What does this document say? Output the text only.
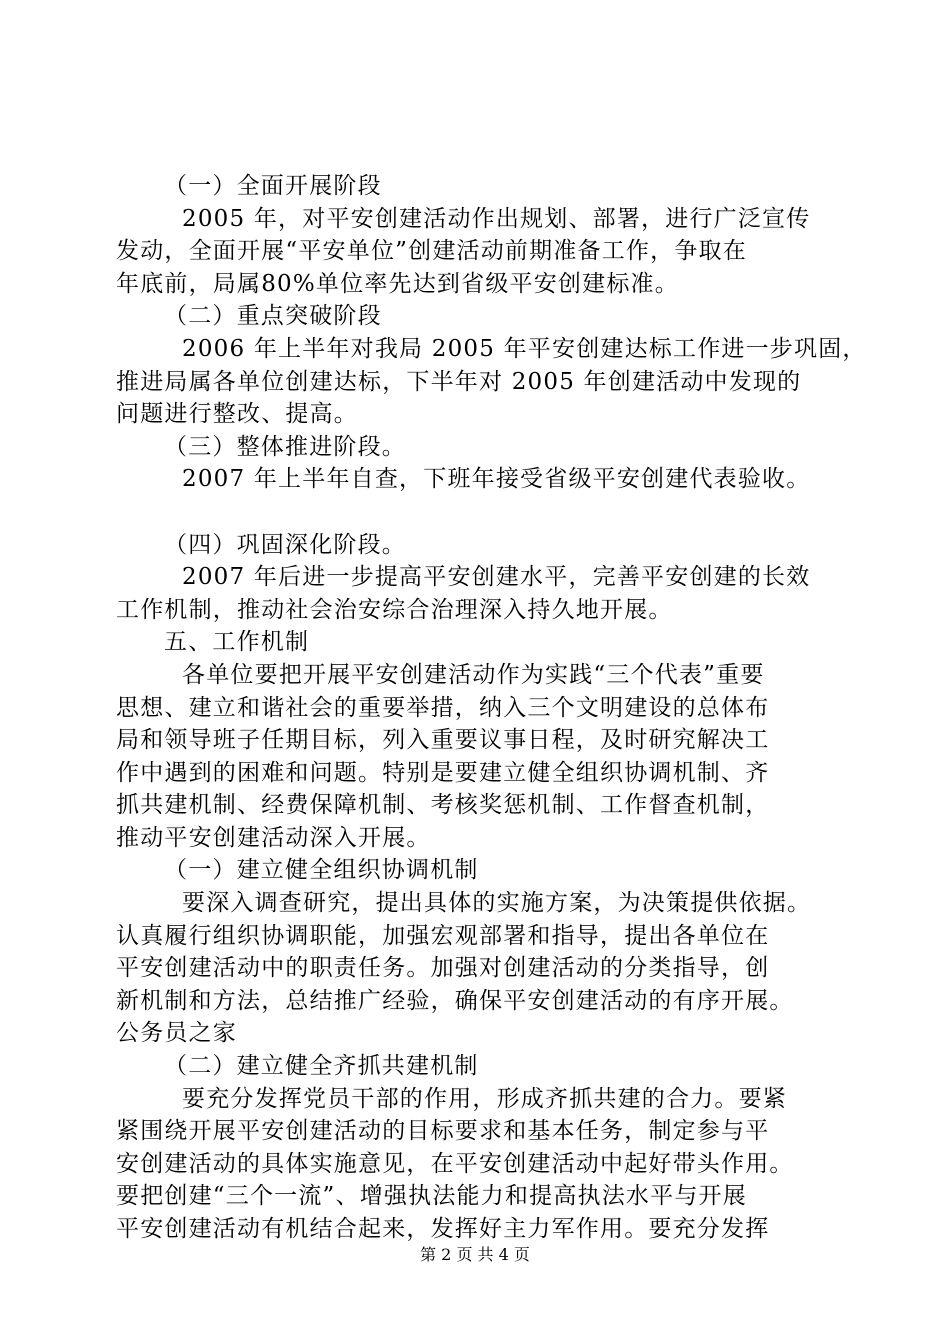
（一）全面开展阶段
2005 年，对平安创建活动作出规划、部署，进行广泛宣传
发动，全面开展“平安单位”创建活动前期准备工作，争取在
年底前，局属80%单位率先达到省级平安创建标准。
（二）重点突破阶段
2006 年上半年对我局 2005 年平安创建达标工作进一步巩固，
推进局属各单位创建达标，下半年对 2005 年创建活动中发现的
问题进行整改、提高。
（三）整体推进阶段。
2007 年上半年自查，下班年接受省级平安创建代表验收。
（四）巩固深化阶段。
2007 年后进一步提高平安创建水平，完善平安创建的长效
工作机制，推动社会治安综合治理深入持久地开展。
五、工作机制
各单位要把开展平安创建活动作为实践“三个代表”重要
思想、建立和谐社会的重要举措，纳入三个文明建设的总体布
局和领导班子任期目标，列入重要议事日程，及时研究解决工
作中遇到的困难和问题。特别是要建立健全组织协调机制、齐
抓共建机制、经费保障机制、考核奖惩机制、工作督查机制，
推动平安创建活动深入开展。
（一）建立健全组织协调机制
要深入调查研究，提出具体的实施方案，为决策提供依据。
认真履行组织协调职能，加强宏观部署和指导，提出各单位在
平安创建活动中的职责任务。加强对创建活动的分类指导，创
新机制和方法，总结推广经验，确保平安创建活动的有序开展。
公务员之家
（二）建立健全齐抓共建机制
要充分发挥党员干部的作用，形成齐抓共建的合力。要紧
紧围绕开展平安创建活动的目标要求和基本任务，制定参与平
安创建活动的具体实施意见，在平安创建活动中起好带头作用。
要把创建“三个一流”、增强执法能力和提高执法水平与开展
平安创建活动有机结合起来，发挥好主力军作用。要充分发挥
第 2 页 共 4 页
